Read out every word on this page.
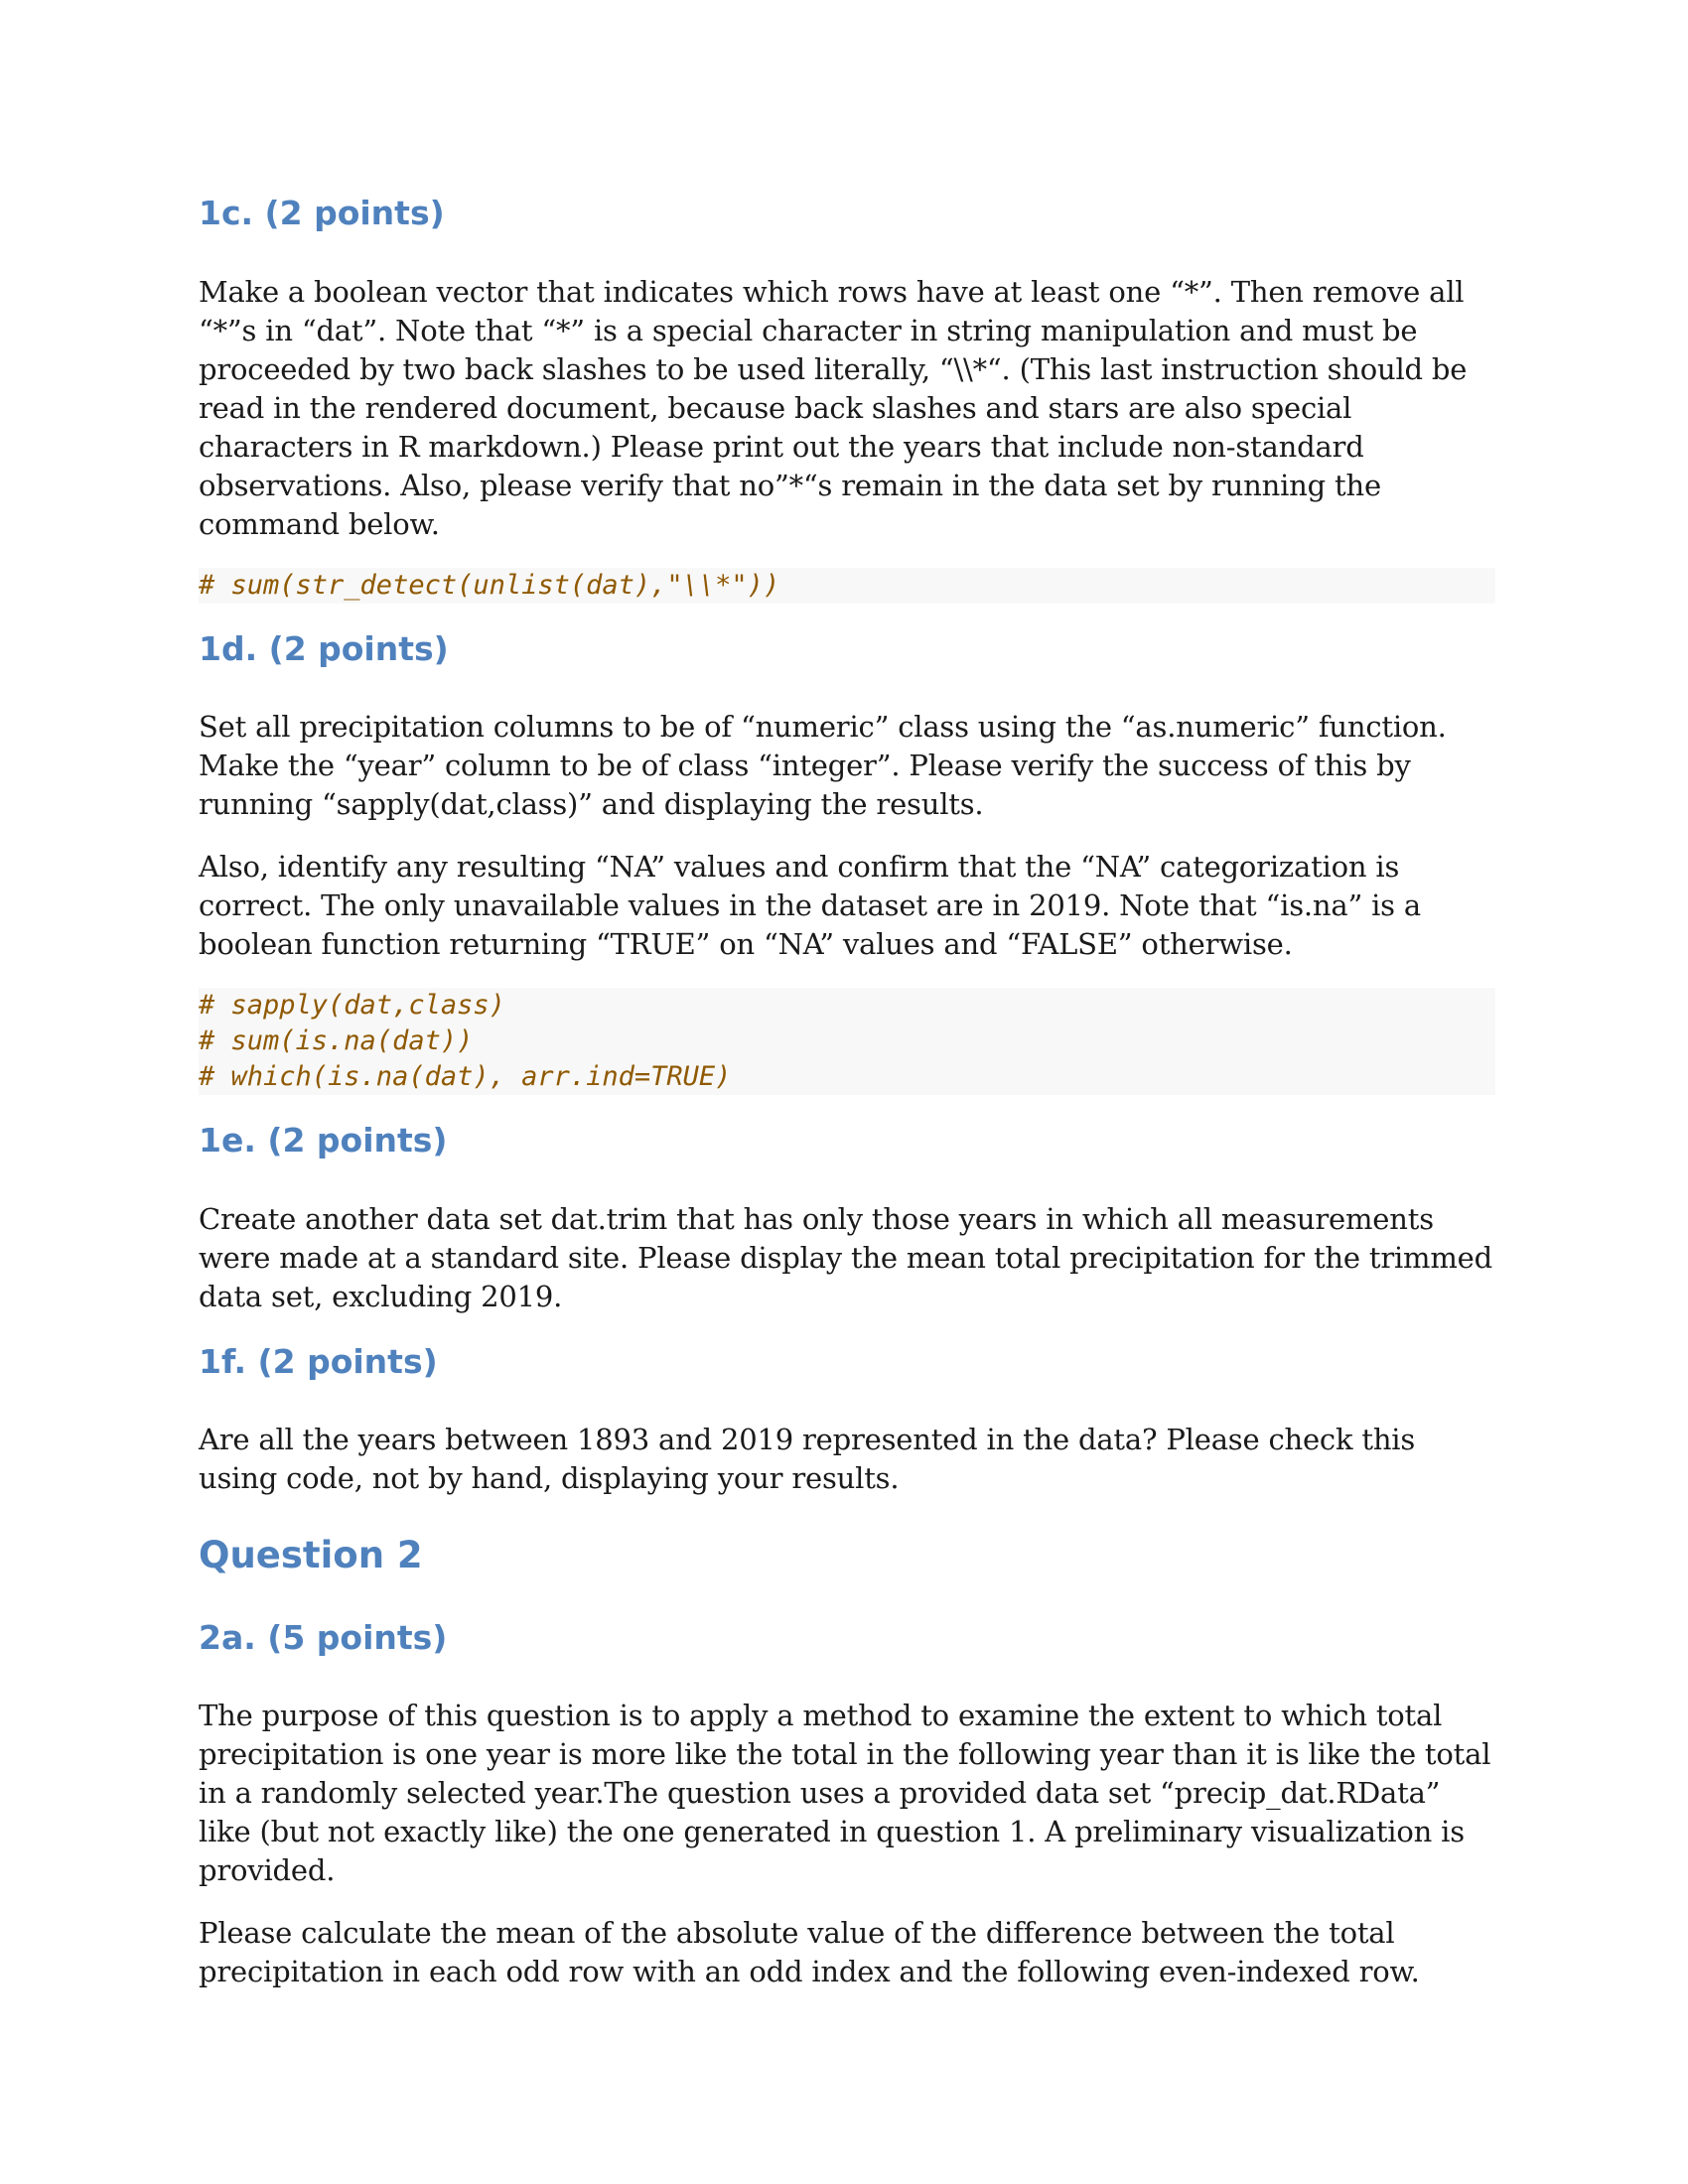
1c. (2 points)

Make a boolean vector that indicates which rows have at least one “*”. Then remove all “*”s in “dat”. Note that “*” is a special character in string manipulation and must be proceeded by two back slashes to be used literally, “\\*“. (This last instruction should be read in the rendered document, because back slashes and stars are also special characters in R markdown.) Please print out the years that include non-standard observations. Also, please verify that no”*“s remain in the data set by running the command below.

# sum(str_detect(unlist(dat),"\\*"))
1d. (2 points)

Set all precipitation columns to be of “numeric” class using the “as.numeric” function. Make the “year” column to be of class “integer”. Please verify the success of this by running “sapply(dat,class)” and displaying the results.

Also, identify any resulting “NA” values and confirm that the “NA” categorization is correct. The only unavailable values in the dataset are in 2019. Note that “is.na” is a boolean function returning “TRUE” on “NA” values and “FALSE” otherwise.

# sapply(dat,class)
# sum(is.na(dat))
# which(is.na(dat), arr.ind=TRUE)
1e. (2 points)

Create another data set dat.trim that has only those years in which all measurements were made at a standard site. Please display the mean total precipitation for the trimmed data set, excluding 2019.

1f. (2 points)

Are all the years between 1893 and 2019 represented in the data? Please check this using code, not by hand, displaying your results.

Question 2
2a. (5 points)

The purpose of this question is to apply a method to examine the extent to which total precipitation is one year is more like the total in the following year than it is like the total in a randomly selected year.The question uses a provided data set “precip_dat.RData” like (but not exactly like) the one generated in question 1. A preliminary visualization is provided.

Please calculate the mean of the absolute value of the difference between the total precipitation in each odd row with an odd index and the following even-indexed row.
